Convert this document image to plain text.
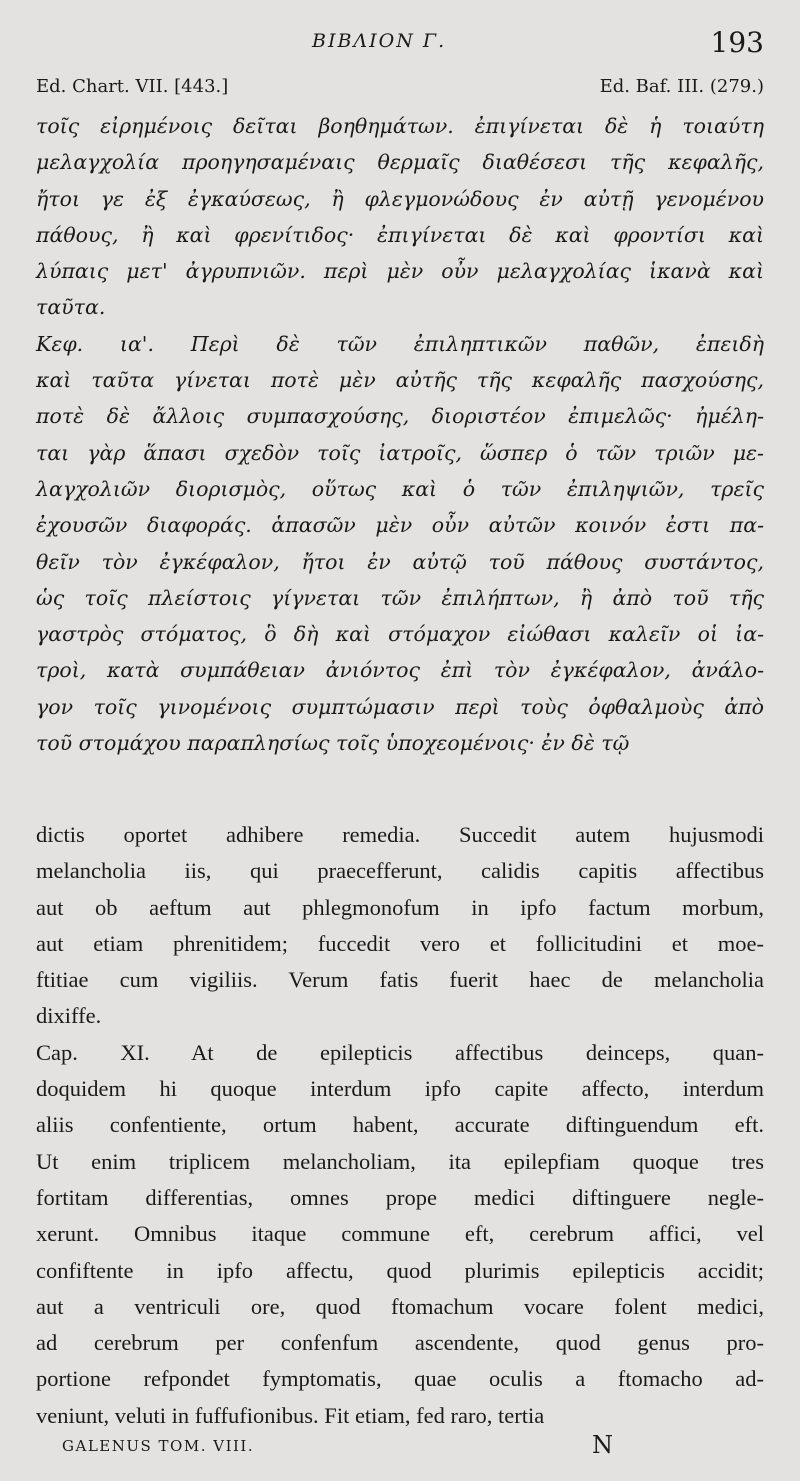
BIBΛIΟΝ Γ.	193
Ed. Chart. VII. [443.]	Ed. Baf. III. (279.)
τοῖς εἰρημένοις δεῖται βοηθημάτων. ἐπιγίνεται δὲ ἡ τοιαύτη
μελαγχολία προηγησαμέναις θερμαῖς διαθέσεσι τῆς κεφαλῆς,
ἤτοι γε ἐξ ἐγκαύσεως, ἢ φλεγμονώδους ἐν αὐτῇ γενομένου
πάθους, ἢ καὶ φρενίτιδος· ἐπιγίνεται δὲ καὶ φροντίσι καὶ
λύπαις μετ' ἀγρυπνιῶν. περὶ μὲν οὖν μελαγχολίας ἱκανὰ καὶ
ταῦτα.
Κεφ. ια'. Περὶ δὲ τῶν ἐπιληπτικῶν παθῶν, ἐπειδὴ
καὶ ταῦτα γίνεται ποτὲ μὲν αὐτῆς τῆς κεφαλῆς πασχούσης,
ποτὲ δὲ ἄλλοις συμπασχούσης, διοριστέον ἐπιμελῶς· ἠμέλη-
ται γὰρ ἅπασι σχεδὸν τοῖς ἰατροῖς, ὥσπερ ὁ τῶν τριῶν με-
λαγχολιῶν διορισμὸς, οὕτως καὶ ὁ τῶν ἐπιληψιῶν, τρεῖς
ἐχουσῶν διαφοράς. ἁπασῶν μὲν οὖν αὐτῶν κοινόν ἐστι πα-
θεῖν τὸν ἐγκέφαλον, ἤτοι ἐν αὐτῷ τοῦ πάθους συστάντος,
ὡς τοῖς πλείστοις γίγνεται τῶν ἐπιλήπτων, ἢ ἀπὸ τοῦ τῆς
γαστρὸς στόματος, ὃ δὴ καὶ στόμαχον εἰώθασι καλεῖν οἱ ἰα-
τροὶ, κατὰ συμπάθειαν ἀνιόντος ἐπὶ τὸν ἐγκέφαλον, ἀνάλο-
γον τοῖς γινομένοις συμπτώμασιν περὶ τοὺς ὀφθαλμοὺς ἀπὸ
τοῦ στομάχου παραπλησίως τοῖς ὑποχεομένοις· ἐν δὲ τῷ
dictis oportet adhibere remedia. Succedit autem hujusmodi
melancholia iis, qui praecefferunt, calidis capitis affectibus
aut ob aeftum aut phlegmonofum in ipfo factum morbum,
aut etiam phrenitidem; fuccedit vero et follicitudini et moe-
ftitiae cum vigiliis. Verum fatis fuerit haec de melancholia
dixiffe.
Cap. XI. At de epilepticis affectibus deinceps, quan-
doquidem hi quoque interdum ipfo capite affecto, interdum
aliis confentiente, ortum habent, accurate diftinguendum eft.
Ut enim triplicem melancholiam, ita epilepfiam quoque tres
fortitam differentias, omnes prope medici diftinguere negle-
xerunt. Omnibus itaque commune eft, cerebrum affici, vel
confiftente in ipfo affectu, quod plurimis epilepticis accidit;
aut a ventriculi ore, quod ftomachum vocare folent medici,
ad cerebrum per confenfum ascendente, quod genus pro-
portione refpondet fymptomatis, quae oculis a ftomacho ad-
veniunt, veluti in fuffufionibus. Fit etiam, fed raro, tertia
GALENUS TOM. VIII.	N
